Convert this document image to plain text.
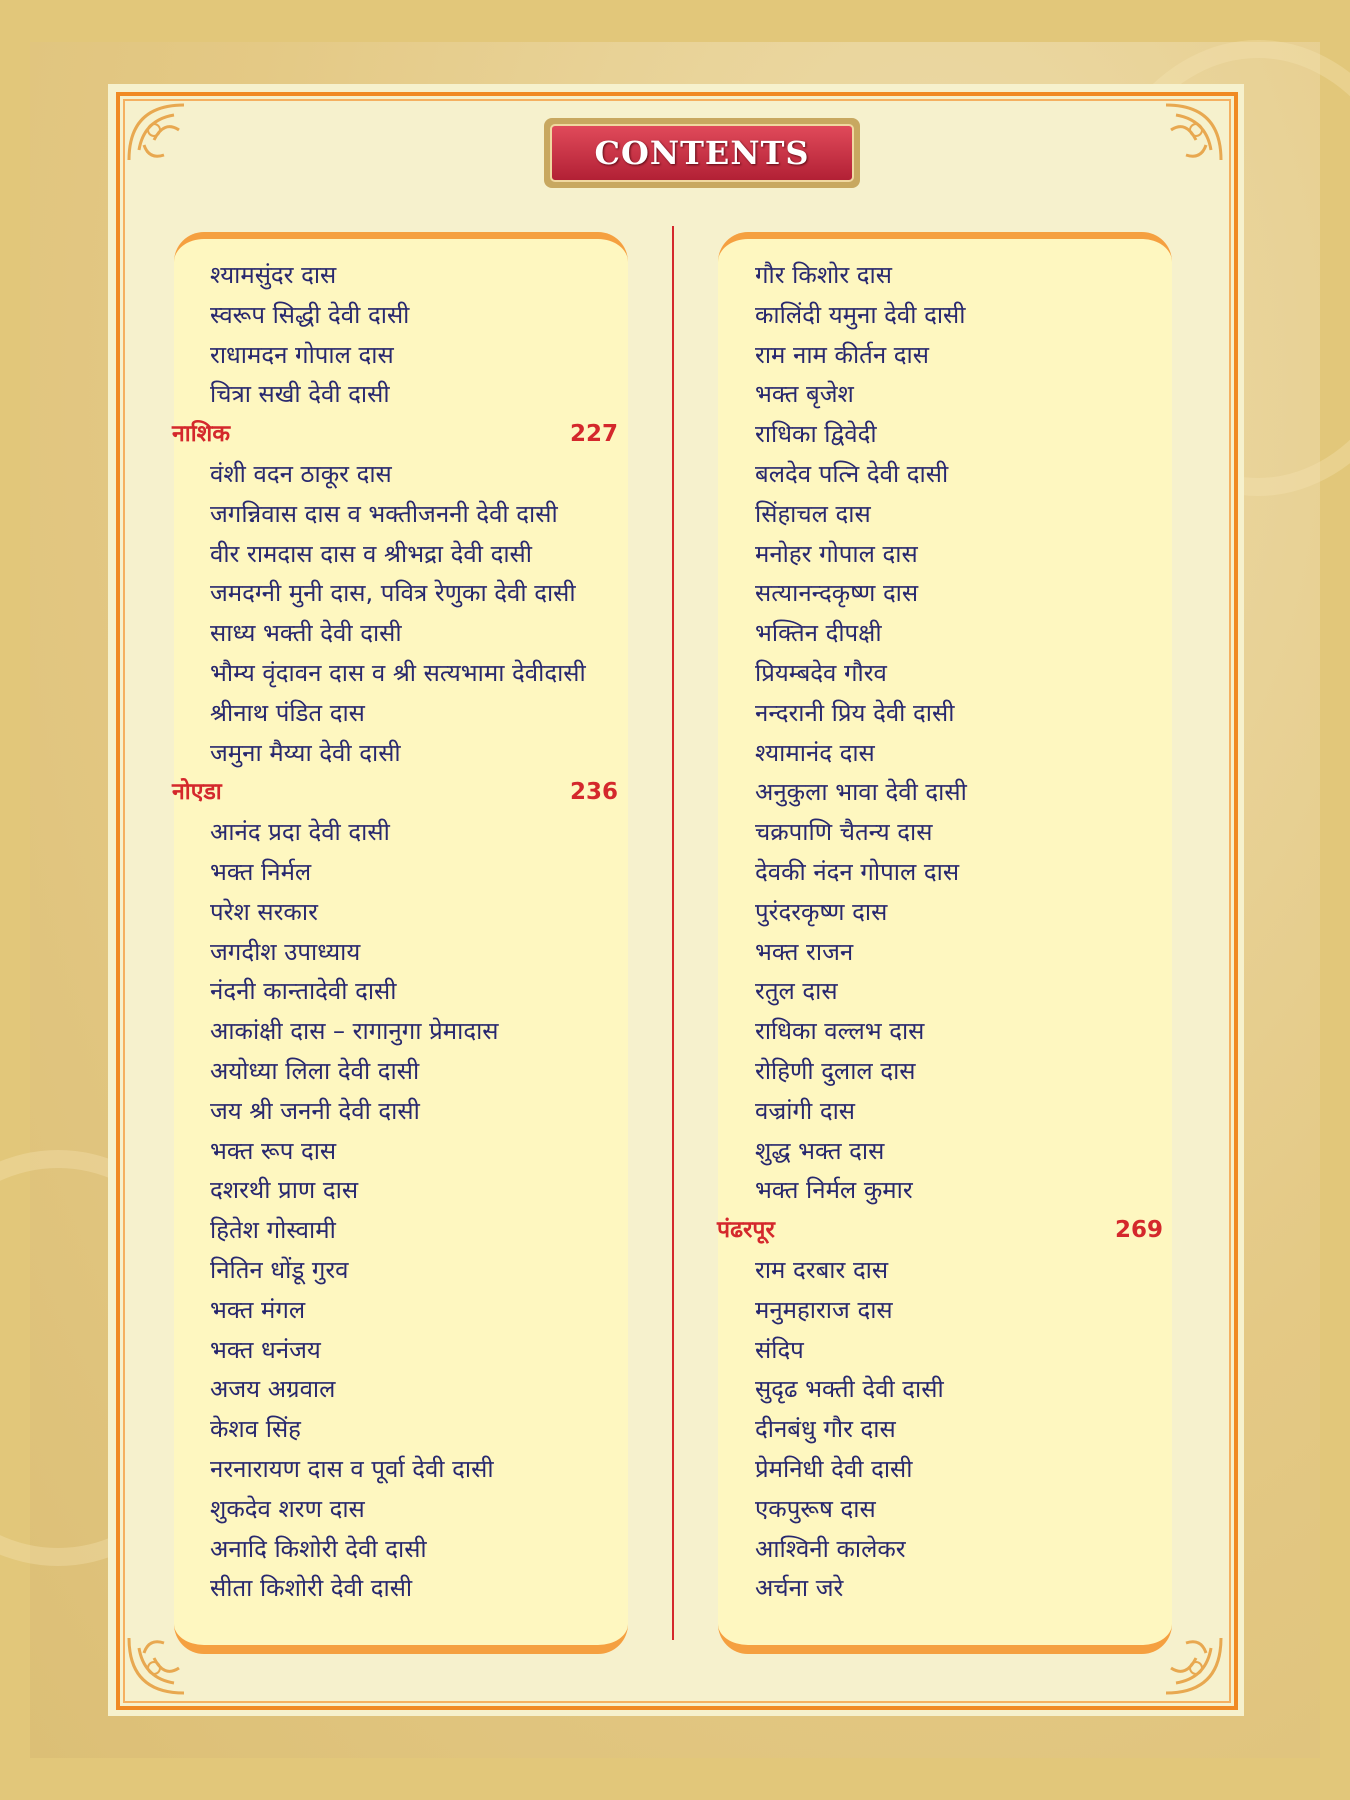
CONTENTS
श्यामसुंदर दास
स्वरूप सिद्धी देवी दासी
राधामदन गोपाल दास
चित्रा सखी देवी दासी
नाशिक	227
वंशी वदन ठाकूर दास
जगन्निवास दास व भक्तीजननी देवी दासी
वीर रामदास दास व श्रीभद्रा देवी दासी
जमदग्नी मुनी दास, पवित्र रेणुका देवी दासी
साध्य भक्ती देवी दासी
भौम्य वृंदावन दास व श्री सत्यभामा देवीदासी
श्रीनाथ पंडित दास
जमुना मैय्या देवी दासी
नोएडा	236
आनंद प्रदा देवी दासी
भक्त निर्मल
परेश सरकार
जगदीश उपाध्याय
नंदनी कान्तादेवी दासी
आकांक्षी दास – रागानुगा प्रेमादास
अयोध्या लिला देवी दासी
जय श्री जननी देवी दासी
भक्त रूप दास
दशरथी प्राण दास
हितेश गोस्वामी
नितिन धोंडू गुरव
भक्त मंगल
भक्त धनंजय
अजय अग्रवाल
केशव सिंह
नरनारायण दास व पूर्वा देवी दासी
शुकदेव शरण दास
अनादि किशोरी देवी दासी
सीता किशोरी देवी दासी
गौर किशोर दास
कालिंदी यमुना देवी दासी
राम नाम कीर्तन दास
भक्त बृजेश
राधिका द्विवेदी
बलदेव पत्नि देवी दासी
सिंहाचल दास
मनोहर गोपाल दास
सत्यानन्दकृष्ण दास
भक्तिन दीपक्षी
प्रियम्बदेव गौरव
नन्दरानी प्रिय देवी दासी
श्यामानंद दास
अनुकुला भावा देवी दासी
चक्रपाणि चैतन्य दास
देवकी नंदन गोपाल दास
पुरंदरकृष्ण दास
भक्त राजन
रतुल दास
राधिका वल्लभ दास
रोहिणी दुलाल दास
वज्रांगी दास
शुद्ध भक्त दास
भक्त निर्मल कुमार
पंढरपूर	269
राम दरबार दास
मनुमहाराज दास
संदिप
सुदृढ भक्ती देवी दासी
दीनबंधु गौर दास
प्रेमनिधी देवी दासी
एकपुरूष दास
आश्विनी कालेकर
अर्चना जरे
